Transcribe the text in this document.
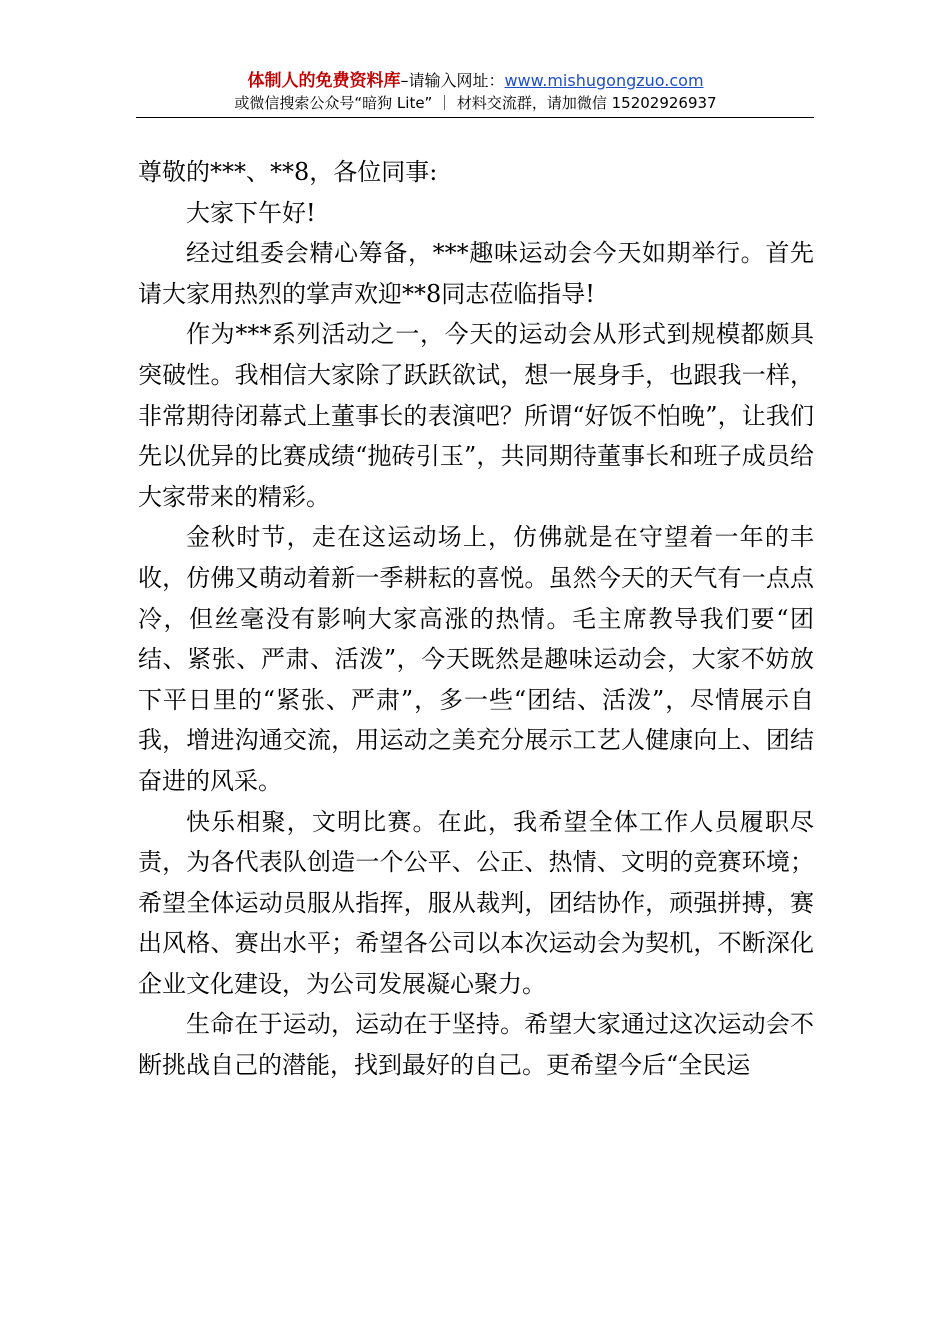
体制人的免费资料库–请输入网址：www.mishugongzuo.com
或微信搜索公众号“暗狗 Lite” ｜ 材料交流群，请加微信 15202926937

尊敬的***、**8，各位同事:

大家下午好!

经过组委会精心筹备，***趣味运动会今天如期举行。首先请大家用热烈的掌声欢迎**8同志莅临指导!

作为***系列活动之一，今天的运动会从形式到规模都颇具突破性。我相信大家除了跃跃欲试，想一展身手，也跟我一样，非常期待闭幕式上董事长的表演吧？所谓“好饭不怕晚”，让我们先以优异的比赛成绩“抛砖引玉”，共同期待董事长和班子成员给大家带来的精彩。

金秋时节，走在这运动场上，仿佛就是在守望着一年的丰收，仿佛又萌动着新一季耕耘的喜悦。虽然今天的天气有一点点冷，但丝毫没有影响大家高涨的热情。毛主席教导我们要“团结、紧张、严肃、活泼”，今天既然是趣味运动会，大家不妨放下平日里的“紧张、严肃”，多一些“团结、活泼”，尽情展示自我，增进沟通交流，用运动之美充分展示工艺人健康向上、团结奋进的风采。

快乐相聚，文明比赛。在此，我希望全体工作人员履职尽责，为各代表队创造一个公平、公正、热情、文明的竞赛环境；希望全体运动员服从指挥，服从裁判，团结协作，顽强拼搏，赛出风格、赛出水平；希望各公司以本次运动会为契机，不断深化企业文化建设，为公司发展凝心聚力。

生命在于运动，运动在于坚持。希望大家通过这次运动会不断挑战自己的潜能，找到最好的自己。更希望今后“全民运
